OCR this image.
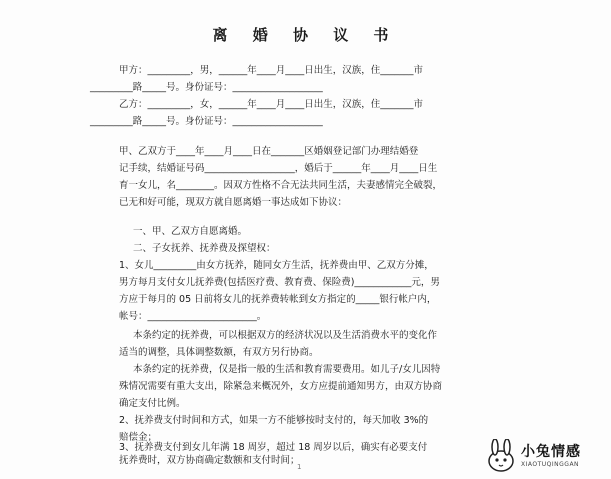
离 婚 协 议 书
甲方：_________，男，______年____月____日出生，汉族，住_______市
_________路_____号。身份证号：___________________
乙方：_________，女，______年____月____日出生，汉族，住_______市
_________路_____号。身份证号：___________________
甲、乙双方于____年____月____日在_______区婚姻登记部门办理结婚登
记手续，结婚证号码___________________，婚后于______年____月____日生
育一女儿，名________。因双方性格不合无法共同生活，夫妻感情完全破裂，
已无和好可能，现双方就自愿离婚一事达成如下协议：
一、甲、乙双方自愿离婚。
二、子女抚养、抚养费及探望权：
1、女儿_________由女方抚养，随同女方生活，抚养费由甲、乙双方分摊，
男方每月支付女儿抚养费(包括医疗费、教育费、保险费)____________元，男
方应于每月的 05 日前将女儿的抚养费转帐到女方指定的_____银行帐户内，
帐号：_______________________。
本条约定的抚养费，可以根据双方的经济状况以及生活消费水平的变化作
适当的调整，具体调整数额，有双方另行协商。
本条约定的抚养费，仅是指一般的生活和教育需要费用。如儿子/女儿因特
殊情况需要有重大支出，除紧急来概况外，女方应提前通知男方，由双方协商
确定支付比例。
2、抚养费支付时间和方式，如果一方不能够按时支付的，每天加收 3%的
赔偿金；
3、抚养费支付到女儿年满 18 周岁，超过 18 周岁以后，确实有必要支付
抚养费时，双方协商确定数额和支付时间；
1
小兔情感
XIAOTUQINGGAN
